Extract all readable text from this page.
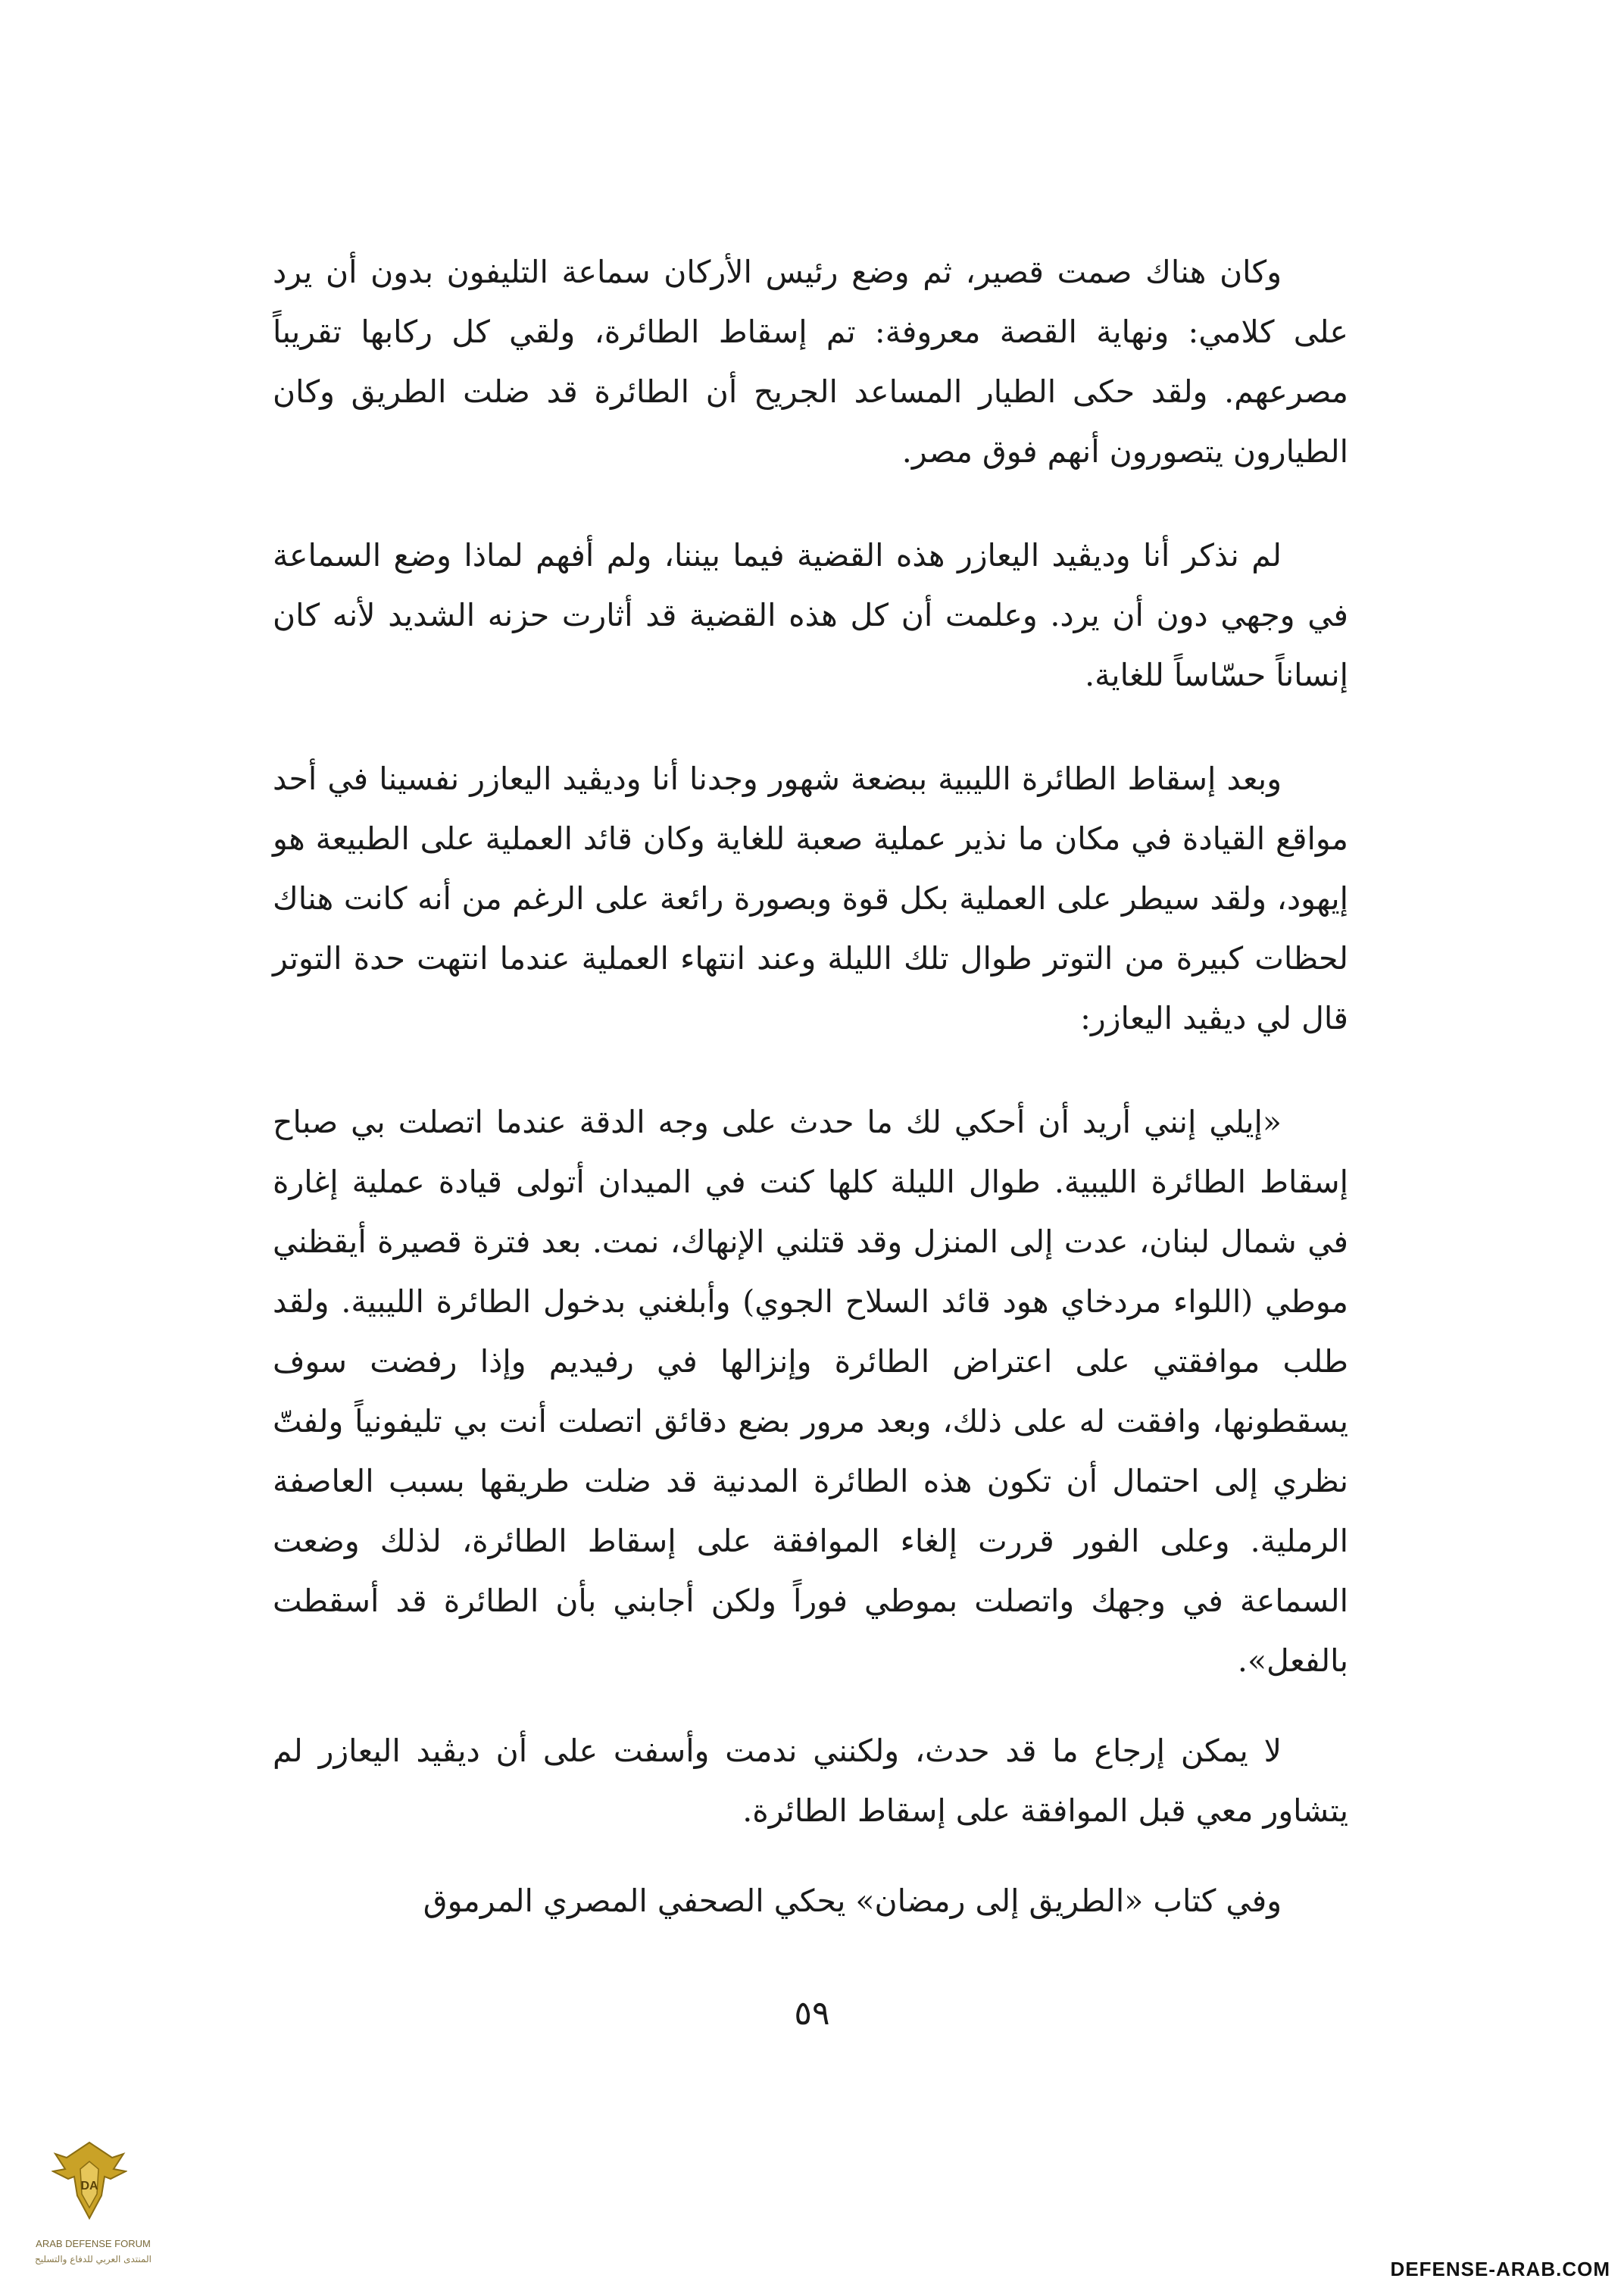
وكان هناك صمت قصير، ثم وضع رئيس الأركان سماعة التليفون بدون أن يرد على كلامي: ونهاية القصة معروفة: تم إسقاط الطائرة، ولقي كل ركابها تقريباً مصرعهم. ولقد حكى الطيار المساعد الجريح أن الطائرة قد ضلت الطريق وكان الطيارون يتصورون أنهم فوق مصر.

لم نذكر أنا وديڤيد اليعازر هذه القضية فيما بيننا، ولم أفهم لماذا وضع السماعة في وجهي دون أن يرد. وعلمت أن كل هذه القضية قد أثارت حزنه الشديد لأنه كان إنساناً حسّاساً للغاية.

وبعد إسقاط الطائرة الليبية ببضعة شهور وجدنا أنا وديڤيد اليعازر نفسينا في أحد مواقع القيادة في مكان ما نذير عملية صعبة للغاية وكان قائد العملية على الطبيعة هو إيهود، ولقد سيطر على العملية بكل قوة وبصورة رائعة على الرغم من أنه كانت هناك لحظات كبيرة من التوتر طوال تلك الليلة وعند انتهاء العملية عندما انتهت حدة التوتر قال لي ديڤيد اليعازر:

«إيلي إنني أريد أن أحكي لك ما حدث على وجه الدقة عندما اتصلت بي صباح إسقاط الطائرة الليبية. طوال الليلة كلها كنت في الميدان أتولى قيادة عملية إغارة في شمال لبنان، عدت إلى المنزل وقد قتلني الإنهاك، نمت. بعد فترة قصيرة أيقظني موطي (اللواء مردخاي هود قائد السلاح الجوي) وأبلغني بدخول الطائرة الليبية. ولقد طلب موافقتي على اعتراض الطائرة وإنزالها في رفيديم وإذا رفضت سوف يسقطونها، وافقت له على ذلك، وبعد مرور بضع دقائق اتصلت أنت بي تليفونياً ولفتّ نظري إلى احتمال أن تكون هذه الطائرة المدنية قد ضلت طريقها بسبب العاصفة الرملية. وعلى الفور قررت إلغاء الموافقة على إسقاط الطائرة، لذلك وضعت السماعة في وجهك واتصلت بموطي فوراً ولكن أجابني بأن الطائرة قد أسقطت بالفعل».

لا يمكن إرجاع ما قد حدث، ولكنني ندمت وأسفت على أن ديڤيد اليعازر لم يتشاور معي قبل الموافقة على إسقاط الطائرة.

وفي كتاب «الطريق إلى رمضان» يحكي الصحفي المصري المرموق

٥٩
DA
ARAB DEFENSE FORUM
المنتدى العربي للدفاع والتسليح	DEFENSE-ARAB.COM
